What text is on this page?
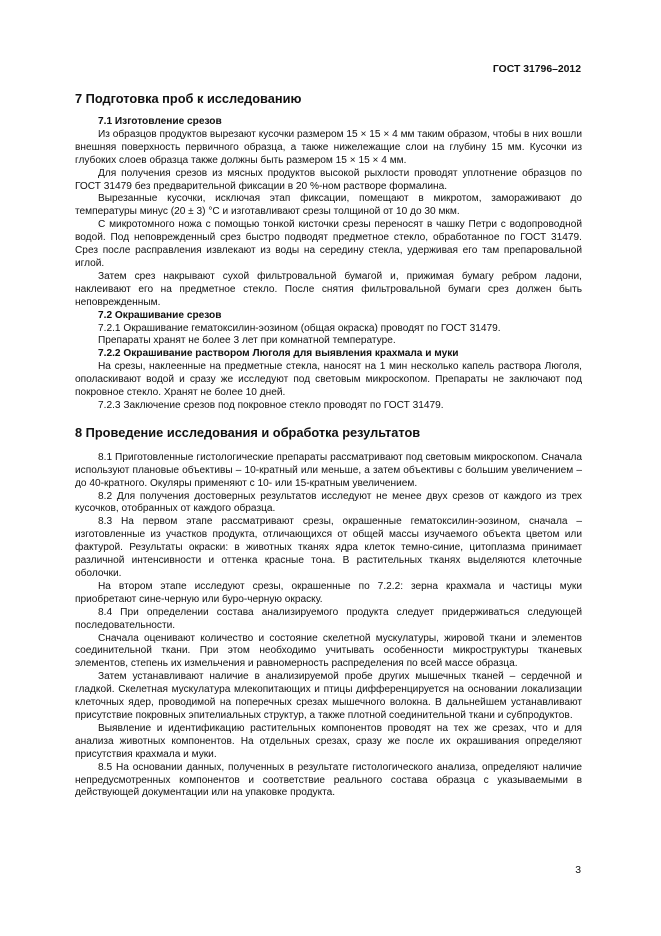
ГОСТ 31796–2012
7 Подготовка проб к исследованию

7.1 Изготовление срезов

Из образцов продуктов вырезают кусочки размером 15 × 15 × 4 мм таким образом, чтобы в них вошли внешняя поверхность первичного образца, а также нижележащие слои на глубину 15 мм. Кусочки из глубоких слоев образца также должны быть размером 15 × 15 × 4 мм.

Для получения срезов из мясных продуктов высокой рыхлости проводят уплотнение образцов по ГОСТ 31479 без предварительной фиксации в 20 %-ном растворе формалина.

Вырезанные кусочки, исключая этап фиксации, помещают в микротом, замораживают до температуры минус (20 ± 3) °С и изготавливают срезы толщиной от 10 до 30 мкм.

С микротомного ножа с помощью тонкой кисточки срезы переносят в чашку Петри с водопроводной водой. Под неповрежденный срез быстро подводят предметное стекло, обработанное по ГОСТ 31479. Срез после расправления извлекают из воды на середину стекла, удерживая его там препаровальной иглой.

Затем срез накрывают сухой фильтровальной бумагой и, прижимая бумагу ребром ладони, наклеивают его на предметное стекло. После снятия фильтровальной бумаги срез должен быть неповрежденным.

7.2 Окрашивание срезов

7.2.1 Окрашивание гематоксилин-эозином (общая окраска) проводят по ГОСТ 31479.

Препараты хранят не более 3 лет при комнатной температуре.

7.2.2 Окрашивание раствором Люголя для выявления крахмала и муки

На срезы, наклеенные на предметные стекла, наносят на 1 мин несколько капель раствора Люголя, ополаскивают водой и сразу же исследуют под световым микроскопом. Препараты не заключают под покровное стекло. Хранят не более 10 дней.

7.2.3 Заключение срезов под покровное стекло проводят по ГОСТ 31479.

8 Проведение исследования и обработка результатов

8.1 Приготовленные гистологические препараты рассматривают под световым микроскопом. Сначала используют плановые объективы – 10-кратный или меньше, а затем объективы с большим увеличением – до 40-кратного. Окуляры применяют с 10- или 15-кратным увеличением.

8.2 Для получения достоверных результатов исследуют не менее двух срезов от каждого из трех кусочков, отобранных от каждого образца.

8.3 На первом этапе рассматривают срезы, окрашенные гематоксилин-эозином, сначала – изготовленные из участков продукта, отличающихся от общей массы изучаемого объекта цветом или фактурой. Результаты окраски: в животных тканях ядра клеток темно-синие, цитоплазма принимает различной интенсивности и оттенка красные тона. В растительных тканях выделяются клеточные оболочки.

На втором этапе исследуют срезы, окрашенные по 7.2.2: зерна крахмала и частицы муки приобретают сине-черную или буро-черную окраску.

8.4 При определении состава анализируемого продукта следует придерживаться следующей последовательности.

Сначала оценивают количество и состояние скелетной мускулатуры, жировой ткани и элементов соединительной ткани. При этом необходимо учитывать особенности микроструктуры тканевых элементов, степень их измельчения и равномерность распределения по всей массе образца.

Затем устанавливают наличие в анализируемой пробе других мышечных тканей – сердечной и гладкой. Скелетная мускулатура млекопитающих и птицы дифференцируется на основании локализации клеточных ядер, проводимой на поперечных срезах мышечного волокна. В дальнейшем устанавливают присутствие покровных эпителиальных структур, а также плотной соединительной ткани и субпродуктов.

Выявление и идентификацию растительных компонентов проводят на тех же срезах, что и для анализа животных компонентов. На отдельных срезах, сразу же после их окрашивания определяют присутствия крахмала и муки.

8.5 На основании данных, полученных в результате гистологического анализа, определяют наличие непредусмотренных компонентов и соответствие реального состава образца с указываемыми в действующей документации или на упаковке продукта.

3
